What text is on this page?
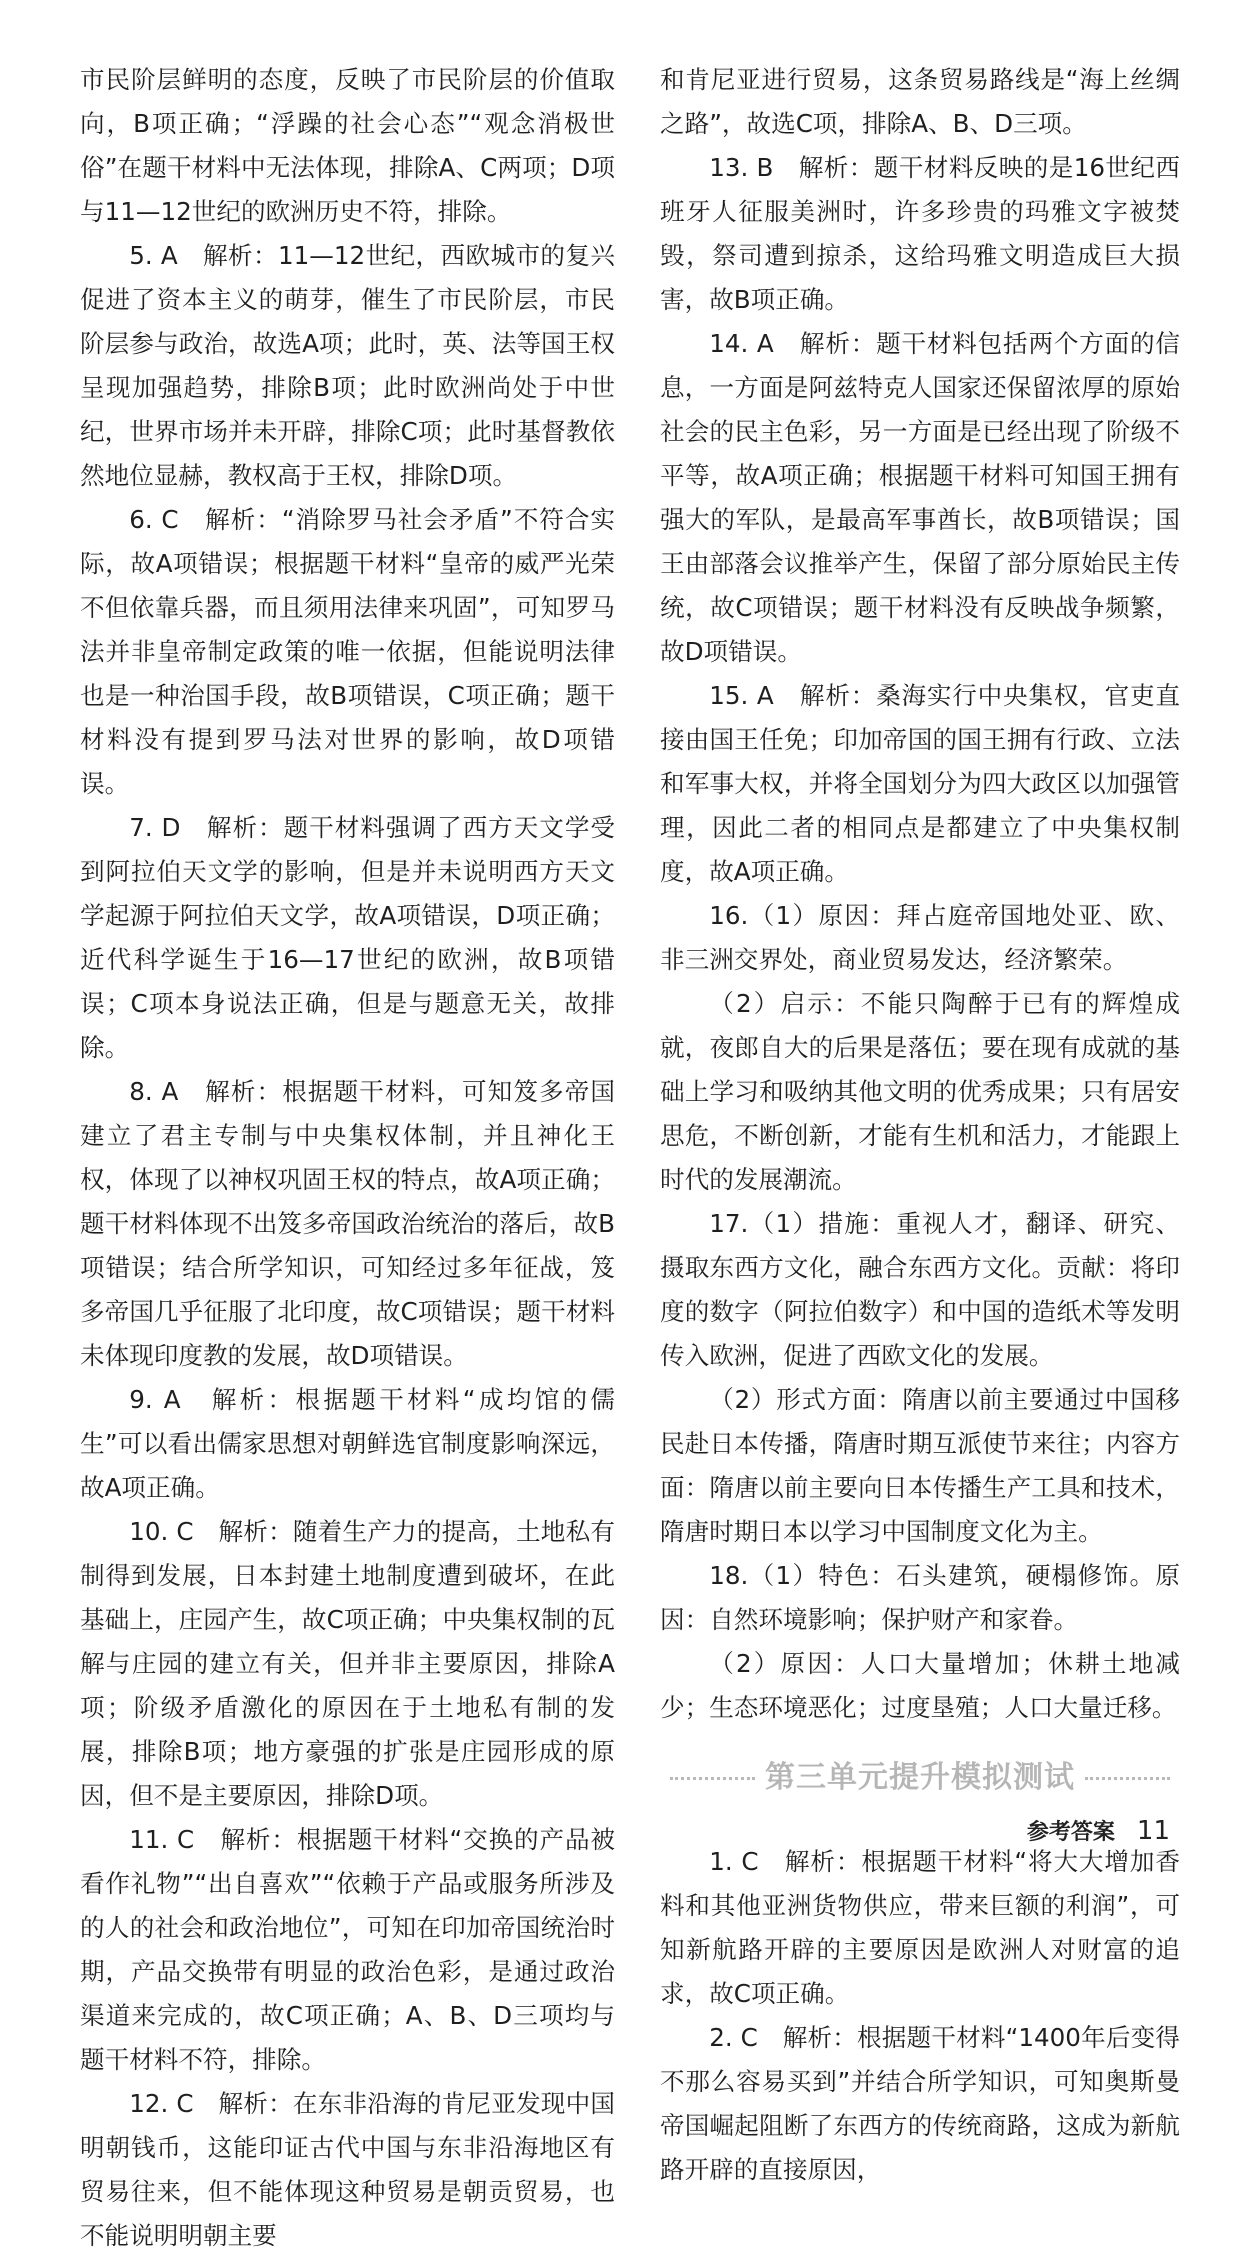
市民阶层鲜明的态度，反映了市民阶层的价值取向，B项正确；“浮躁的社会心态”“观念消极世俗”在题干材料中无法体现，排除A、C两项；D项与11—12世纪的欧洲历史不符，排除。

5. A　解析：11—12世纪，西欧城市的复兴促进了资本主义的萌芽，催生了市民阶层，市民阶层参与政治，故选A项；此时，英、法等国王权呈现加强趋势，排除B项；此时欧洲尚处于中世纪，世界市场并未开辟，排除C项；此时基督教依然地位显赫，教权高于王权，排除D项。

6. C　解析：“消除罗马社会矛盾”不符合实际，故A项错误；根据题干材料“皇帝的威严光荣不但依靠兵器，而且须用法律来巩固”，可知罗马法并非皇帝制定政策的唯一依据，但能说明法律也是一种治国手段，故B项错误，C项正确；题干材料没有提到罗马法对世界的影响，故D项错误。

7. D　解析：题干材料强调了西方天文学受到阿拉伯天文学的影响，但是并未说明西方天文学起源于阿拉伯天文学，故A项错误，D项正确；近代科学诞生于16—17世纪的欧洲，故B项错误；C项本身说法正确，但是与题意无关，故排除。

8. A　解析：根据题干材料，可知笈多帝国建立了君主专制与中央集权体制，并且神化王权，体现了以神权巩固王权的特点，故A项正确；题干材料体现不出笈多帝国政治统治的落后，故B项错误；结合所学知识，可知经过多年征战，笈多帝国几乎征服了北印度，故C项错误；题干材料未体现印度教的发展，故D项错误。

9. A　解析：根据题干材料“成均馆的儒生”可以看出儒家思想对朝鲜选官制度影响深远，故A项正确。

10. C　解析：随着生产力的提高，土地私有制得到发展，日本封建土地制度遭到破坏，在此基础上，庄园产生，故C项正确；中央集权制的瓦解与庄园的建立有关，但并非主要原因，排除A项；阶级矛盾激化的原因在于土地私有制的发展，排除B项；地方豪强的扩张是庄园形成的原因，但不是主要原因，排除D项。

11. C　解析：根据题干材料“交换的产品被看作礼物”“出自喜欢”“依赖于产品或服务所涉及的人的社会和政治地位”，可知在印加帝国统治时期，产品交换带有明显的政治色彩，是通过政治渠道来完成的，故C项正确；A、B、D三项均与题干材料不符，排除。

12. C　解析：在东非沿海的肯尼亚发现中国明朝钱币，这能印证古代中国与东非沿海地区有贸易往来，但不能体现这种贸易是朝贡贸易，也不能说明明朝主要

和肯尼亚进行贸易，这条贸易路线是“海上丝绸之路”，故选C项，排除A、B、D三项。

13. B　解析：题干材料反映的是16世纪西班牙人征服美洲时，许多珍贵的玛雅文字被焚毁，祭司遭到掠杀，这给玛雅文明造成巨大损害，故B项正确。

14. A　解析：题干材料包括两个方面的信息，一方面是阿兹特克人国家还保留浓厚的原始社会的民主色彩，另一方面是已经出现了阶级不平等，故A项正确；根据题干材料可知国王拥有强大的军队，是最高军事酋长，故B项错误；国王由部落会议推举产生，保留了部分原始民主传统，故C项错误；题干材料没有反映战争频繁，故D项错误。

15. A　解析：桑海实行中央集权，官吏直接由国王任免；印加帝国的国王拥有行政、立法和军事大权，并将全国划分为四大政区以加强管理，因此二者的相同点是都建立了中央集权制度，故A项正确。

16.（1）原因：拜占庭帝国地处亚、欧、非三洲交界处，商业贸易发达，经济繁荣。

（2）启示：不能只陶醉于已有的辉煌成就，夜郎自大的后果是落伍；要在现有成就的基础上学习和吸纳其他文明的优秀成果；只有居安思危，不断创新，才能有生机和活力，才能跟上时代的发展潮流。

17.（1）措施：重视人才，翻译、研究、摄取东西方文化，融合东西方文化。贡献：将印度的数字（阿拉伯数字）和中国的造纸术等发明传入欧洲，促进了西欧文化的发展。

（2）形式方面：隋唐以前主要通过中国移民赴日本传播，隋唐时期互派使节来往；内容方面：隋唐以前主要向日本传播生产工具和技术，隋唐时期日本以学习中国制度文化为主。

18.（1）特色：石头建筑，硬榻修饰。原因：自然环境影响；保护财产和家眷。

（2）原因：人口大量增加；休耕土地减少；生态环境恶化；过度垦殖；人口大量迁移。

第三单元提升模拟测试

1. C　解析：根据题干材料“将大大增加香料和其他亚洲货物供应，带来巨额的利润”，可知新航路开辟的主要原因是欧洲人对财富的追求，故C项正确。

2. C　解析：根据题干材料“1400年后变得不那么容易买到”并结合所学知识，可知奥斯曼帝国崛起阻断了东西方的传统商路，这成为新航路开辟的直接原因，

参考答案 11
